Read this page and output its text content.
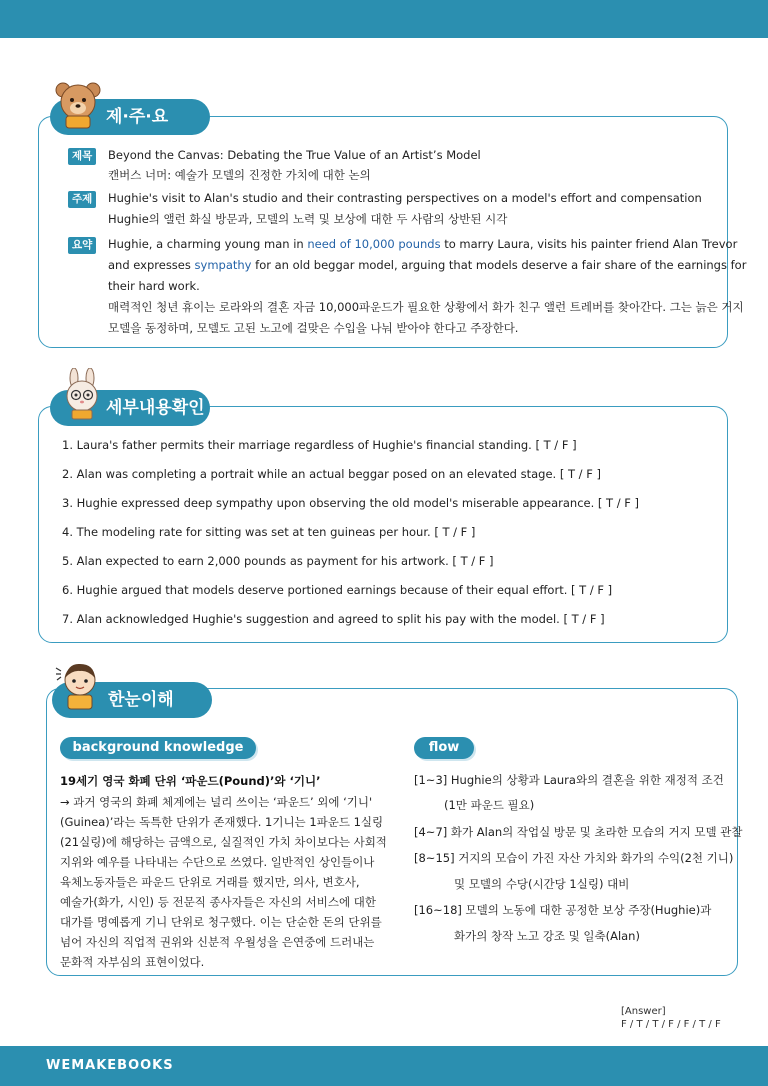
제·주·요
제목	Beyond the Canvas: Debating the True Value of an Artist’s Model
캔버스 너머: 예술가 모델의 진정한 가치에 대한 논의
주제	Hughie's visit to Alan's studio and their contrasting perspectives on a model's effort and compensation
Hughie의 앨런 화실 방문과, 모델의 노력 및 보상에 대한 두 사람의 상반된 시각
요약	Hughie, a charming young man in need of 10,000 pounds to marry Laura, visits his painter friend Alan Trevor
and expresses sympathy for an old beggar model, arguing that models deserve a fair share of the earnings for
their hard work.
매력적인 청년 휴이는 로라와의 결혼 자금 10,000파운드가 필요한 상황에서 화가 친구 앨런 트레버를 찾아간다. 그는 늙은 거지
모델을 동정하며, 모델도 고된 노고에 걸맞은 수입을 나눠 받아야 한다고 주장한다.
세부내용확인
1. Laura's father permits their marriage regardless of Hughie's financial standing. [ T / F ]
2. Alan was completing a portrait while an actual beggar posed on an elevated stage. [ T / F ]
3. Hughie expressed deep sympathy upon observing the old model's miserable appearance. [ T / F ]
4. The modeling rate for sitting was set at ten guineas per hour. [ T / F ]
5. Alan expected to earn 2,000 pounds as payment for his artwork. [ T / F ]
6. Hughie argued that models deserve portioned earnings because of their equal effort. [ T / F ]
7. Alan acknowledged Hughie's suggestion and agreed to split his pay with the model. [ T / F ]
한눈이해
background knowledge	flow
19세기 영국 화폐 단위 ‘파운드(Pound)’와 ‘기니’
→ 과거 영국의 화폐 체계에는 널리 쓰이는 ‘파운드’ 외에 ‘기니'
(Guinea)’라는 독특한 단위가 존재했다. 1기니는 1파운드 1실링
(21실링)에 해당하는 금액으로, 실질적인 가치 차이보다는 사회적
지위와 예우를 나타내는 수단으로 쓰였다. 일반적인 상인들이나
육체노동자들은 파운드 단위로 거래를 했지만, 의사, 변호사,
예술가(화가, 시인) 등 전문직 종사자들은 자신의 서비스에 대한
대가를 명예롭게 기니 단위로 청구했다. 이는 단순한 돈의 단위를
넘어 자신의 직업적 권위와 신분적 우월성을 은연중에 드러내는
문화적 자부심의 표현이었다.
[1~3] Hughie의 상황과 Laura와의 결혼을 위한 재정적 조건
(1만 파운드 필요)
[4~7] 화가 Alan의 작업실 방문 및 초라한 모습의 거지 모델 관찰
[8~15] 거지의 모습이 가진 자산 가치와 화가의 수익(2천 기니)
및 모델의 수당(시간당 1실링) 대비
[16~18] 모델의 노동에 대한 공정한 보상 주장(Hughie)과
화가의 창작 노고 강조 및 일축(Alan)
[Answer]
F / T / T / F / F / T / F
WEMAKEBOOKS
